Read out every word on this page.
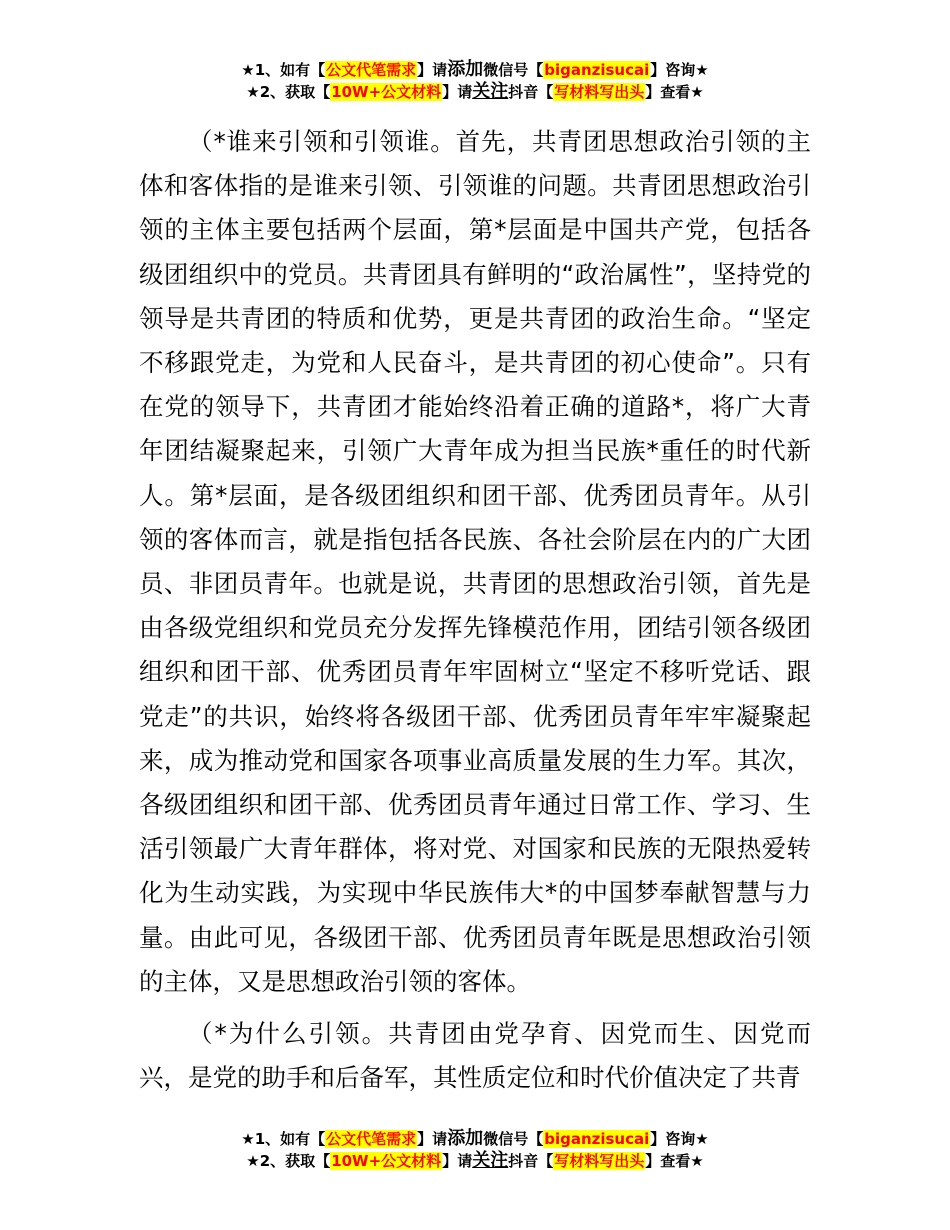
★1、如有【公文代笔需求】请添加微信号【biganzisucai】咨询★
★2、获取【10W+公文材料】请关注抖音【写材料写出头】查看★

（*谁来引领和引领谁。首先，共青团思想政治引领的主体和客体指的是谁来引领、引领谁的问题。共青团思想政治引领的主体主要包括两个层面，第*层面是中国共产党，包括各级团组织中的党员。共青团具有鲜明的“政治属性”，坚持党的领导是共青团的特质和优势，更是共青团的政治生命。“坚定不移跟党走，为党和人民奋斗，是共青团的初心使命”。只有在党的领导下，共青团才能始终沿着正确的道路*，将广大青年团结凝聚起来，引领广大青年成为担当民族*重任的时代新人。第*层面，是各级团组织和团干部、优秀团员青年。从引领的客体而言，就是指包括各民族、各社会阶层在内的广大团员、非团员青年。也就是说，共青团的思想政治引领，首先是由各级党组织和党员充分发挥先锋模范作用，团结引领各级团组织和团干部、优秀团员青年牢固树立“坚定不移听党话、跟党走”的共识，始终将各级团干部、优秀团员青年牢牢凝聚起来，成为推动党和国家各项事业高质量发展的生力军。其次，各级团组织和团干部、优秀团员青年通过日常工作、学习、生活引领最广大青年群体，将对党、对国家和民族的无限热爱转化为生动实践，为实现中华民族伟大*的中国梦奉献智慧与力量。由此可见，各级团干部、优秀团员青年既是思想政治引领的主体，又是思想政治引领的客体。

（*为什么引领。共青团由党孕育、因党而生、因党而兴，是党的助手和后备军，其性质定位和时代价值决定了共青

★1、如有【公文代笔需求】请添加微信号【biganzisucai】咨询★
★2、获取【10W+公文材料】请关注抖音【写材料写出头】查看★
